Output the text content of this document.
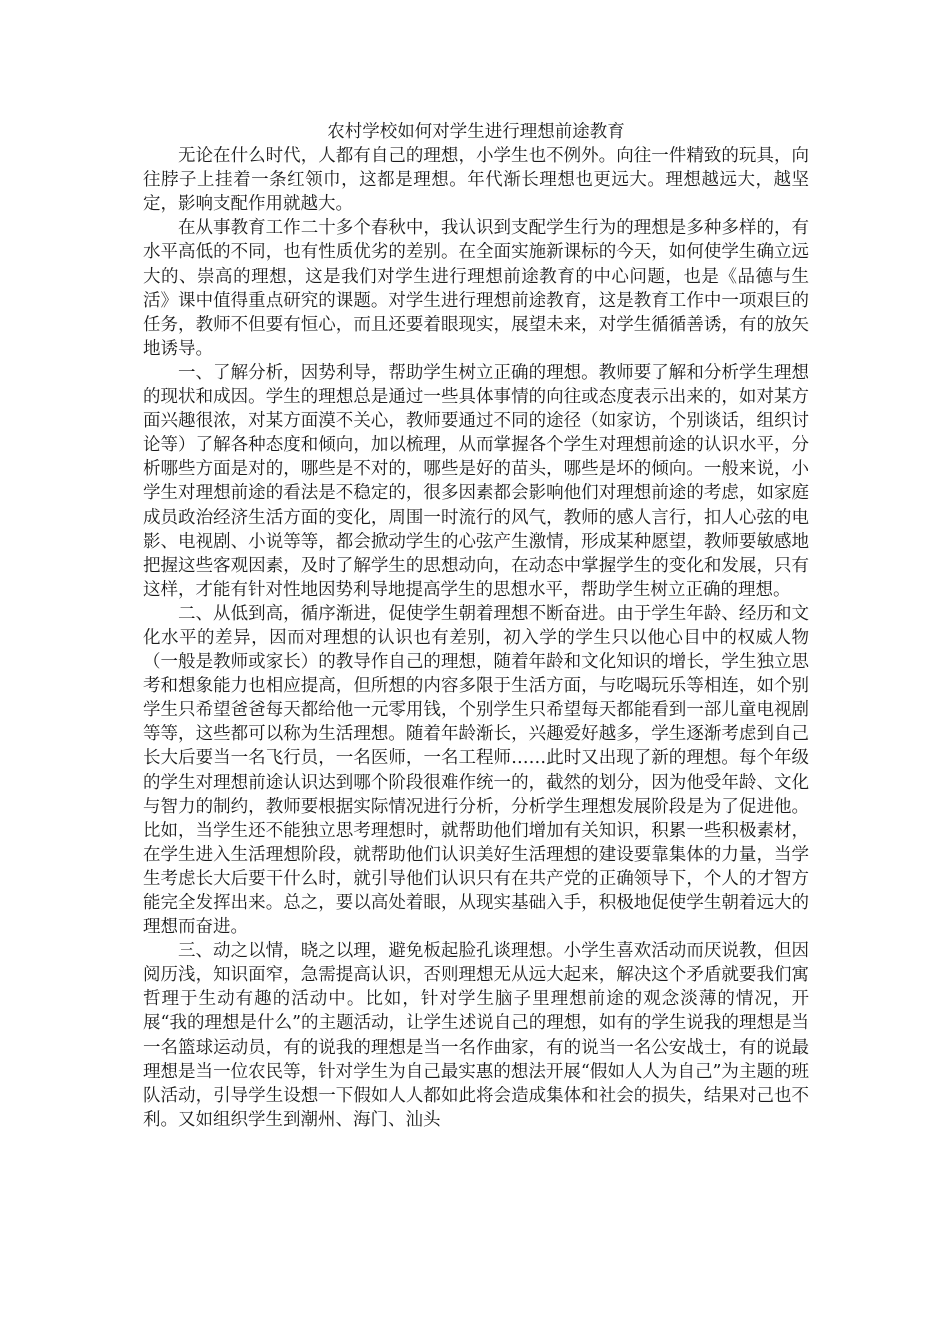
农村学校如何对学生进行理想前途教育

无论在什么时代，人都有自己的理想，小学生也不例外。向往一件精致的玩具，向往脖子上挂着一条红领巾，这都是理想。年代渐长理想也更远大。理想越远大，越坚定，影响支配作用就越大。

在从事教育工作二十多个春秋中，我认识到支配学生行为的理想是多种多样的，有水平高低的不同，也有性质优劣的差别。在全面实施新课标的今天，如何使学生确立远大的、崇高的理想，这是我们对学生进行理想前途教育的中心问题，也是《品德与生活》课中值得重点研究的课题。对学生进行理想前途教育，这是教育工作中一项艰巨的任务，教师不但要有恒心，而且还要着眼现实，展望未来，对学生循循善诱，有的放矢地诱导。

一、了解分析，因势利导，帮助学生树立正确的理想。教师要了解和分析学生理想的现状和成因。学生的理想总是通过一些具体事情的向往或态度表示出来的，如对某方面兴趣很浓，对某方面漠不关心，教师要通过不同的途径（如家访，个别谈话，组织讨论等）了解各种态度和倾向，加以梳理，从而掌握各个学生对理想前途的认识水平，分析哪些方面是对的，哪些是不对的，哪些是好的苗头，哪些是坏的倾向。一般来说，小学生对理想前途的看法是不稳定的，很多因素都会影响他们对理想前途的考虑，如家庭成员政治经济生活方面的变化，周围一时流行的风气，教师的感人言行，扣人心弦的电影、电视剧、小说等等，都会掀动学生的心弦产生激情，形成某种愿望，教师要敏感地把握这些客观因素，及时了解学生的思想动向，在动态中掌握学生的变化和发展，只有这样，才能有针对性地因势利导地提高学生的思想水平，帮助学生树立正确的理想。

二、从低到高，循序渐进，促使学生朝着理想不断奋进。由于学生年龄、经历和文化水平的差异，因而对理想的认识也有差别，初入学的学生只以他心目中的权威人物（一般是教师或家长）的教导作自己的理想，随着年龄和文化知识的增长，学生独立思考和想象能力也相应提高，但所想的内容多限于生活方面，与吃喝玩乐等相连，如个别学生只希望爸爸每天都给他一元零用钱，个别学生只希望每天都能看到一部儿童电视剧等等，这些都可以称为生活理想。随着年龄渐长，兴趣爱好越多，学生逐渐考虑到自己长大后要当一名飞行员，一名医师，一名工程师……此时又出现了新的理想。每个年级的学生对理想前途认识达到哪个阶段很难作统一的，截然的划分，因为他受年龄、文化与智力的制约，教师要根据实际情况进行分析，分析学生理想发展阶段是为了促进他。比如，当学生还不能独立思考理想时，就帮助他们增加有关知识，积累一些积极素材，在学生进入生活理想阶段，就帮助他们认识美好生活理想的建设要靠集体的力量，当学生考虑长大后要干什么时，就引导他们认识只有在共产党的正确领导下，个人的才智方能完全发挥出来。总之，要以高处着眼，从现实基础入手，积极地促使学生朝着远大的理想而奋进。

三、动之以情，晓之以理，避免板起脸孔谈理想。小学生喜欢活动而厌说教，但因阅历浅，知识面窄，急需提高认识，否则理想无从远大起来，解决这个矛盾就要我们寓哲理于生动有趣的活动中。比如，针对学生脑子里理想前途的观念淡薄的情况，开展“我的理想是什么”的主题活动，让学生述说自己的理想，如有的学生说我的理想是当一名篮球运动员，有的说我的理想是当一名作曲家，有的说当一名公安战士，有的说最理想是当一位农民等，针对学生为自己最实惠的想法开展“假如人人为自己”为主题的班队活动，引导学生设想一下假如人人都如此将会造成集体和社会的损失，结果对己也不利。又如组织学生到潮州、海门、汕头
